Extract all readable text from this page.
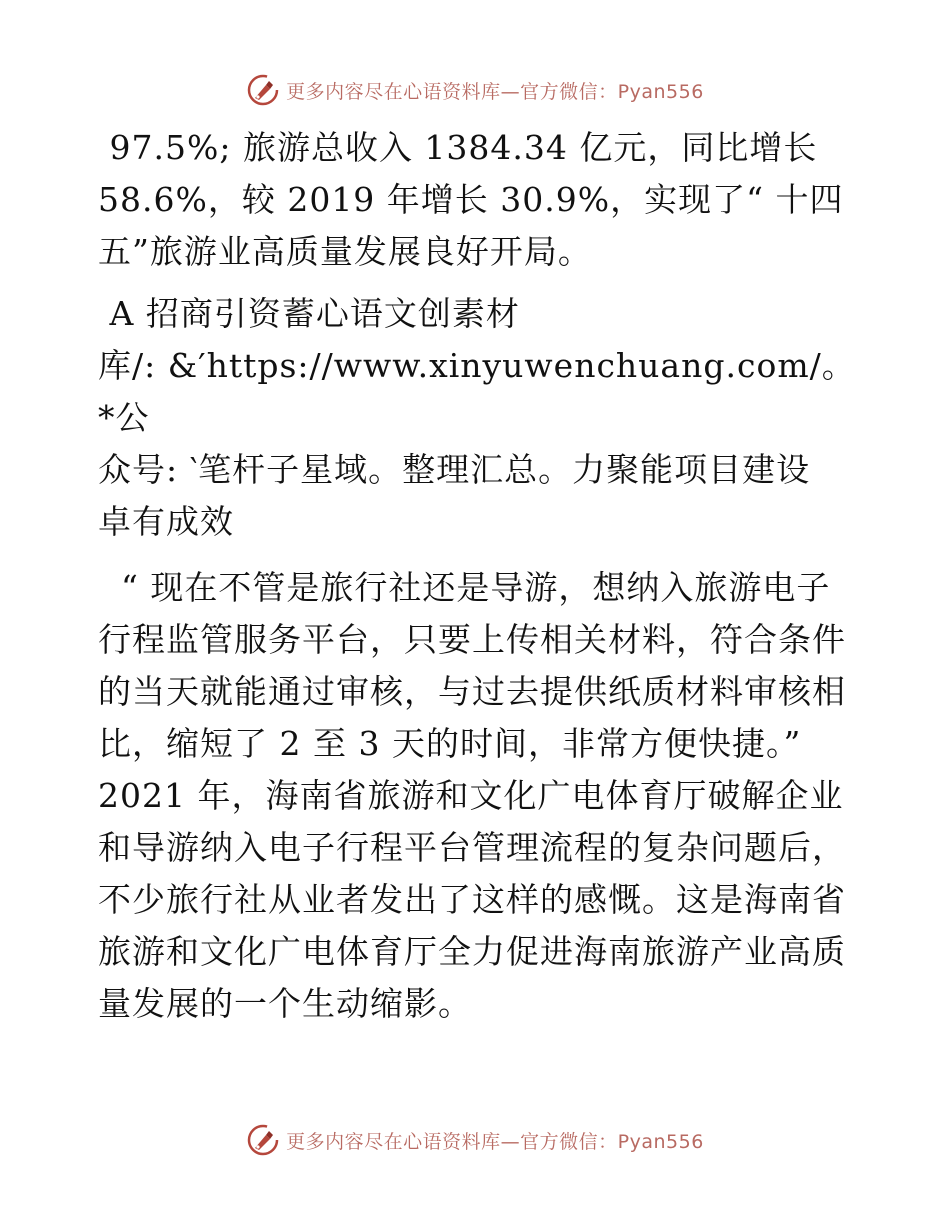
更多内容尽在心语资料库—官方微信：Pyan556

97.5%; 旅游总收入 1384.34 亿元，同比增长

58.6%，较 2019 年增长 30.9%，实现了“ 十四

五”旅游业高质量发展良好开局。

A 招商引资蓄心语文创素材

库/: &′https://www.xinyuwenchuang.com/。*公

众号: ‵笔杆子星域。整理汇总。力聚能项目建设

卓有成效

“ 现在不管是旅行社还是导游，想纳入旅游电子

行程监管服务平台，只要上传相关材料，符合条件

的当天就能通过审核，与过去提供纸质材料审核相

比，缩短了 2 至 3 天的时间，非常方便快捷。”

2021 年，海南省旅游和文化广电体育厅破解企业

和导游纳入电子行程平台管理流程的复杂问题后，

不少旅行社从业者发出了这样的感慨。这是海南省

旅游和文化广电体育厅全力促进海南旅游产业高质

量发展的一个生动缩影。

更多内容尽在心语资料库—官方微信：Pyan556
